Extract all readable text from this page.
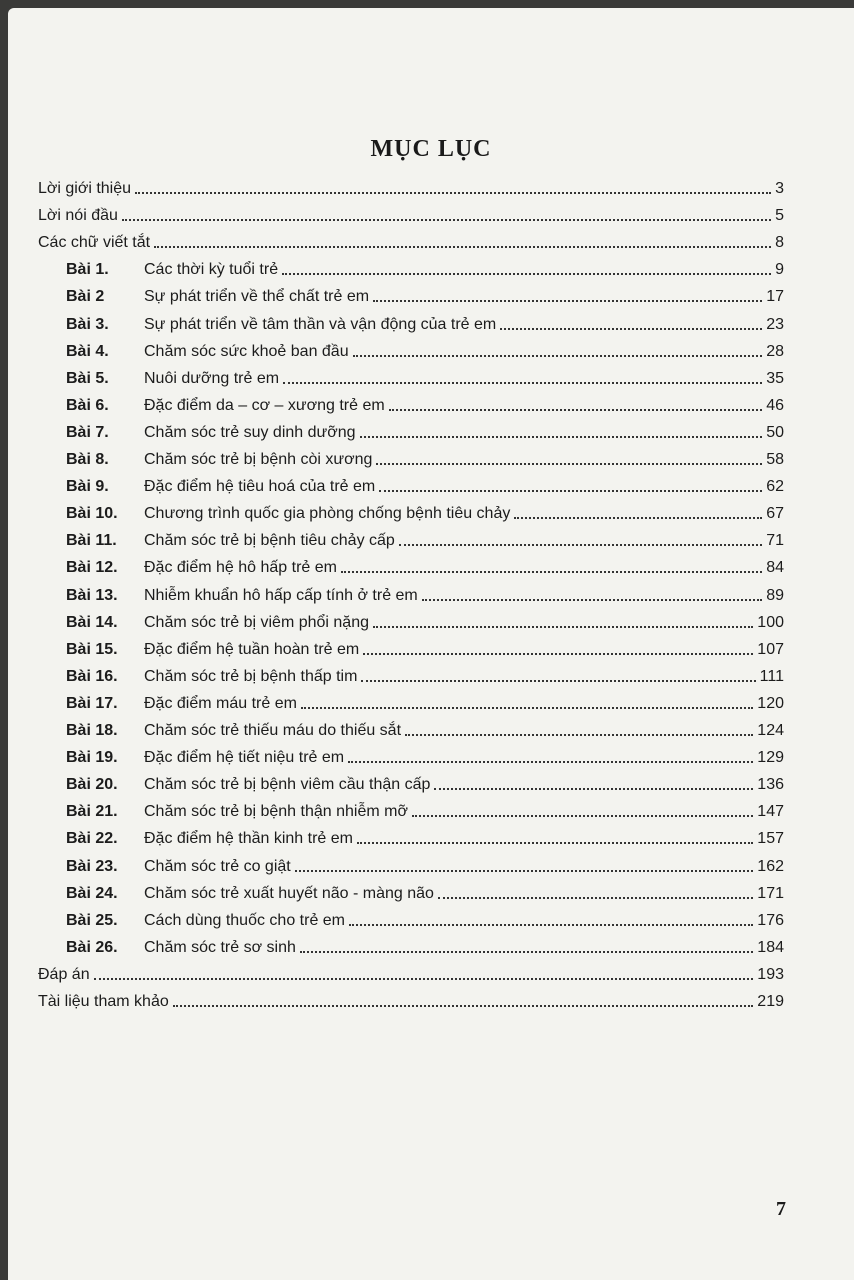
MỤC LỤC
Lời giới thiệu	3
Lời nói đầu	5
Các chữ viết tắt	8
Bài 1.	Các thời kỳ tuổi trẻ	9
Bài 2	Sự phát triển về thể chất trẻ em	17
Bài 3.	Sự phát triển về tâm thần và vận động của trẻ em	23
Bài 4.	Chăm sóc sức khoẻ ban đầu	28
Bài 5.	Nuôi dưỡng trẻ em	35
Bài 6.	Đặc điểm da – cơ – xương trẻ em	46
Bài 7.	Chăm sóc trẻ suy dinh dưỡng	50
Bài 8.	Chăm sóc trẻ bị bệnh còi xương	58
Bài 9.	Đặc điểm hệ tiêu hoá của trẻ em	62
Bài 10.	Chương trình quốc gia phòng chống bệnh tiêu chảy	67
Bài 11.	Chăm sóc trẻ bị bệnh tiêu chảy cấp	71
Bài 12.	Đặc điểm hệ hô hấp trẻ em	84
Bài 13.	Nhiễm khuẩn hô hấp cấp tính ở trẻ em	89
Bài 14.	Chăm sóc trẻ bị viêm phổi nặng	100
Bài 15.	Đặc điểm hệ tuần hoàn trẻ em	107
Bài 16.	Chăm sóc trẻ bị bệnh thấp tim	111
Bài 17.	Đặc điểm máu trẻ em	120
Bài 18.	Chăm sóc trẻ thiếu máu do thiếu sắt	124
Bài 19.	Đặc điểm hệ tiết niệu trẻ em	129
Bài 20.	Chăm sóc trẻ bị bệnh viêm cầu thận cấp	136
Bài 21.	Chăm sóc trẻ bị bệnh thận nhiễm mỡ	147
Bài 22.	Đặc điểm hệ thần kinh trẻ em	157
Bài 23.	Chăm sóc trẻ co giật	162
Bài 24.	Chăm sóc trẻ xuất huyết não - màng não	171
Bài 25.	Cách dùng thuốc cho trẻ em	176
Bài 26.	Chăm sóc trẻ sơ sinh	184
Đáp án	193
Tài liệu tham khảo	219
7
